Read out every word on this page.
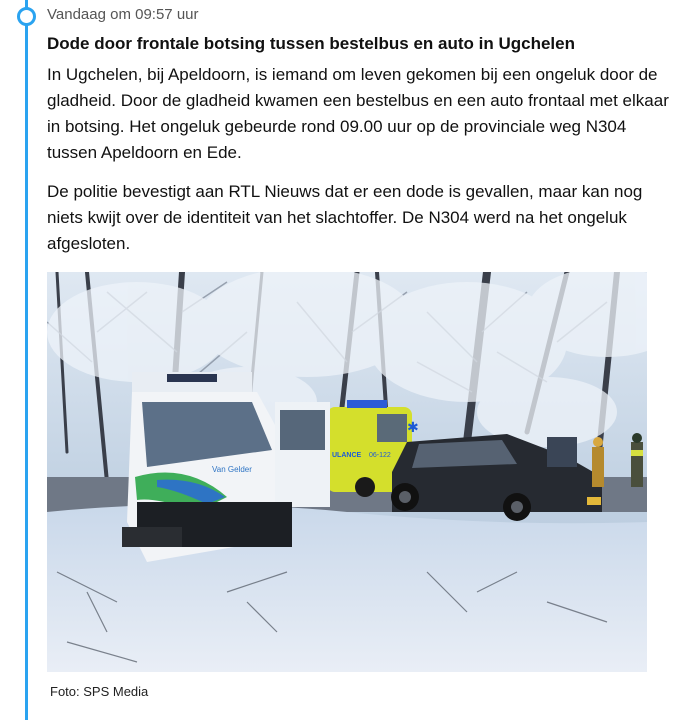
Vandaag om 09:57 uur
Dode door frontale botsing tussen bestelbus en auto in Ugchelen
In Ugchelen, bij Apeldoorn, is iemand om leven gekomen bij een ongeluk door de gladheid. Door de gladheid kwamen een bestelbus en een auto frontaal met elkaar in botsing. Het ongeluk gebeurde rond 09.00 uur op de provinciale weg N304 tussen Apeldoorn en Ede.
De politie bevestigt aan RTL Nieuws dat er een dode is gevallen, maar kan nog niets kwijt over de identiteit van het slachtoffer. De N304 werd na het ongeluk afgesloten.
✱
ULANCE 06-122
Van Gelder
Foto: SPS Media
